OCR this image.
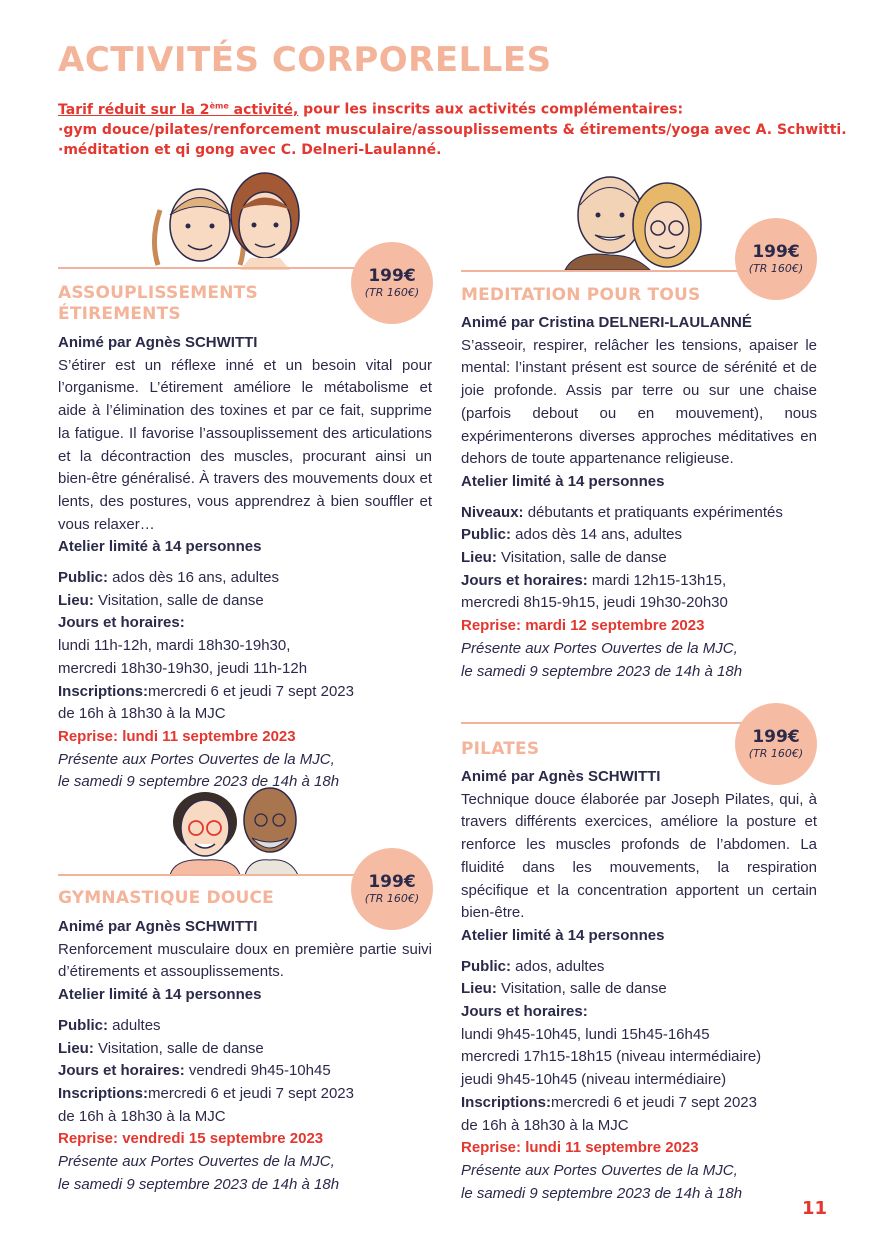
ACTIVITÉS CORPORELLES
Tarif réduit sur la 2ème activité, pour les inscrits aux activités complémentaires:
·gym douce/pilates/renforcement musculaire/assouplissements & étirements/yoga avec A. Schwitti.
·méditation et qi gong avec C. Delneri-Laulanné.
199€
(TR 160€)
199€
(TR 160€)
199€
(TR 160€)
199€
(TR 160€)
ASSOUPLISSEMENTS
ÉTIREMENTS

Animé par Agnès SCHWITTI

S’étirer est un réflexe inné et un besoin vital pour l’organisme. L’étirement améliore le métabolisme et aide à l’élimination des toxines et par ce fait, supprime la fatigue. Il favorise l’assouplissement des articulations et la décontraction des muscles, procurant ainsi un bien-être généralisé. À travers des mouvements doux et lents, des postures, vous apprendrez à bien souffler et vous relaxer…

Atelier limité à 14 personnes

Public: ados dès 16 ans, adultes

Lieu: Visitation, salle de danse

Jours et horaires:

lundi 11h-12h, mardi 18h30-19h30,

mercredi 18h30-19h30, jeudi 11h-12h

Inscriptions:mercredi 6 et jeudi 7 sept 2023

de 16h à 18h30 à la MJC

Reprise: lundi 11 septembre 2023

Présente aux Portes Ouvertes de la MJC,

le samedi 9 septembre 2023 de 14h à 18h

GYMNASTIQUE DOUCE

Animé par Agnès SCHWITTI

Renforcement musculaire doux en première partie suivi d’étirements et assouplissements.

Atelier limité à 14 personnes

Public: adultes

Lieu: Visitation, salle de danse

Jours et horaires: vendredi 9h45-10h45

Inscriptions:mercredi 6 et jeudi 7 sept 2023

de 16h à 18h30 à la MJC

Reprise: vendredi 15 septembre 2023

Présente aux Portes Ouvertes de la MJC,

le samedi 9 septembre 2023 de 14h à 18h

MEDITATION POUR TOUS

Animé par Cristina DELNERI-LAULANNÉ

S’asseoir, respirer, relâcher les tensions, apaiser le mental: l’instant présent est source de sérénité et de joie profonde. Assis par terre ou sur une chaise (parfois debout ou en mouvement), nous expérimenterons diverses approches méditatives en dehors de toute appartenance religieuse.

Atelier limité à 14 personnes

Niveaux: débutants et pratiquants expérimentés

Public: ados dès 14 ans, adultes

Lieu: Visitation, salle de danse

Jours et horaires: mardi 12h15-13h15,

mercredi 8h15-9h15, jeudi 19h30-20h30

Reprise: mardi 12 septembre 2023

Présente aux Portes Ouvertes de la MJC,

le samedi 9 septembre 2023 de 14h à 18h

PILATES

Animé par Agnès SCHWITTI

Technique douce élaborée par Joseph Pilates, qui, à travers différents exercices, améliore la posture et renforce les muscles profonds de l’abdomen. La fluidité dans les mouvements, la respiration spécifique et la concentration apportent un certain bien-être.

Atelier limité à 14 personnes

Public: ados, adultes

Lieu: Visitation, salle de danse

Jours et horaires:

lundi 9h45-10h45, lundi 15h45-16h45

mercredi 17h15-18h15 (niveau intermédiaire)

jeudi 9h45-10h45 (niveau intermédiaire)

Inscriptions:mercredi 6 et jeudi 7 sept 2023

de 16h à 18h30 à la MJC

Reprise: lundi 11 septembre 2023

Présente aux Portes Ouvertes de la MJC,

le samedi 9 septembre 2023 de 14h à 18h

11
